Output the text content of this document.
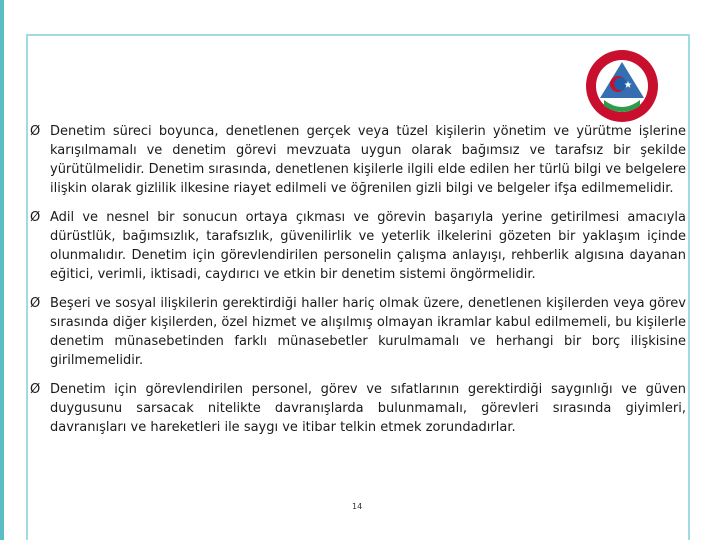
Ø Denetim süreci boyunca, denetlenen gerçek veya tüzel kişilerin yönetim ve yürütme işlerine karışılmamalı ve denetim görevi mevzuata uygun olarak bağımsız ve tarafsız bir şekilde yürütülmelidir. Denetim sırasında, denetlenen kişilerle ilgili elde edilen her türlü bilgi ve belgelere ilişkin olarak gizlilik ilkesine riayet edilmeli ve öğrenilen gizli bilgi ve belgeler ifşa edilmemelidir.
Ø Adil ve nesnel bir sonucun ortaya çıkması ve görevin başarıyla yerine getirilmesi amacıyla dürüstlük, bağımsızlık, tarafsızlık, güvenilirlik ve yeterlik ilkelerini gözeten bir yaklaşım içinde olunmalıdır. Denetim için görevlendirilen personelin çalışma anlayışı, rehberlik algısına dayanan eğitici, verimli, iktisadi, caydırıcı ve etkin bir denetim sistemi öngörmelidir.
Ø Beşeri ve sosyal ilişkilerin gerektirdiği haller hariç olmak üzere, denetlenen kişilerden veya görev sırasında diğer kişilerden, özel hizmet ve alışılmış olmayan ikramlar kabul edilmemeli, bu kişilerle denetim münasebetinden farklı münasebetler kurulmamalı ve herhangi bir borç ilişkisine girilmemelidir.
Ø Denetim için görevlendirilen personel, görev ve sıfatlarının gerektirdiği saygınlığı ve güven duygusunu sarsacak nitelikte davranışlarda bulunmamalı, görevleri sırasında giyimleri, davranışları ve hareketleri ile saygı ve itibar telkin etmek zorundadırlar.
14
